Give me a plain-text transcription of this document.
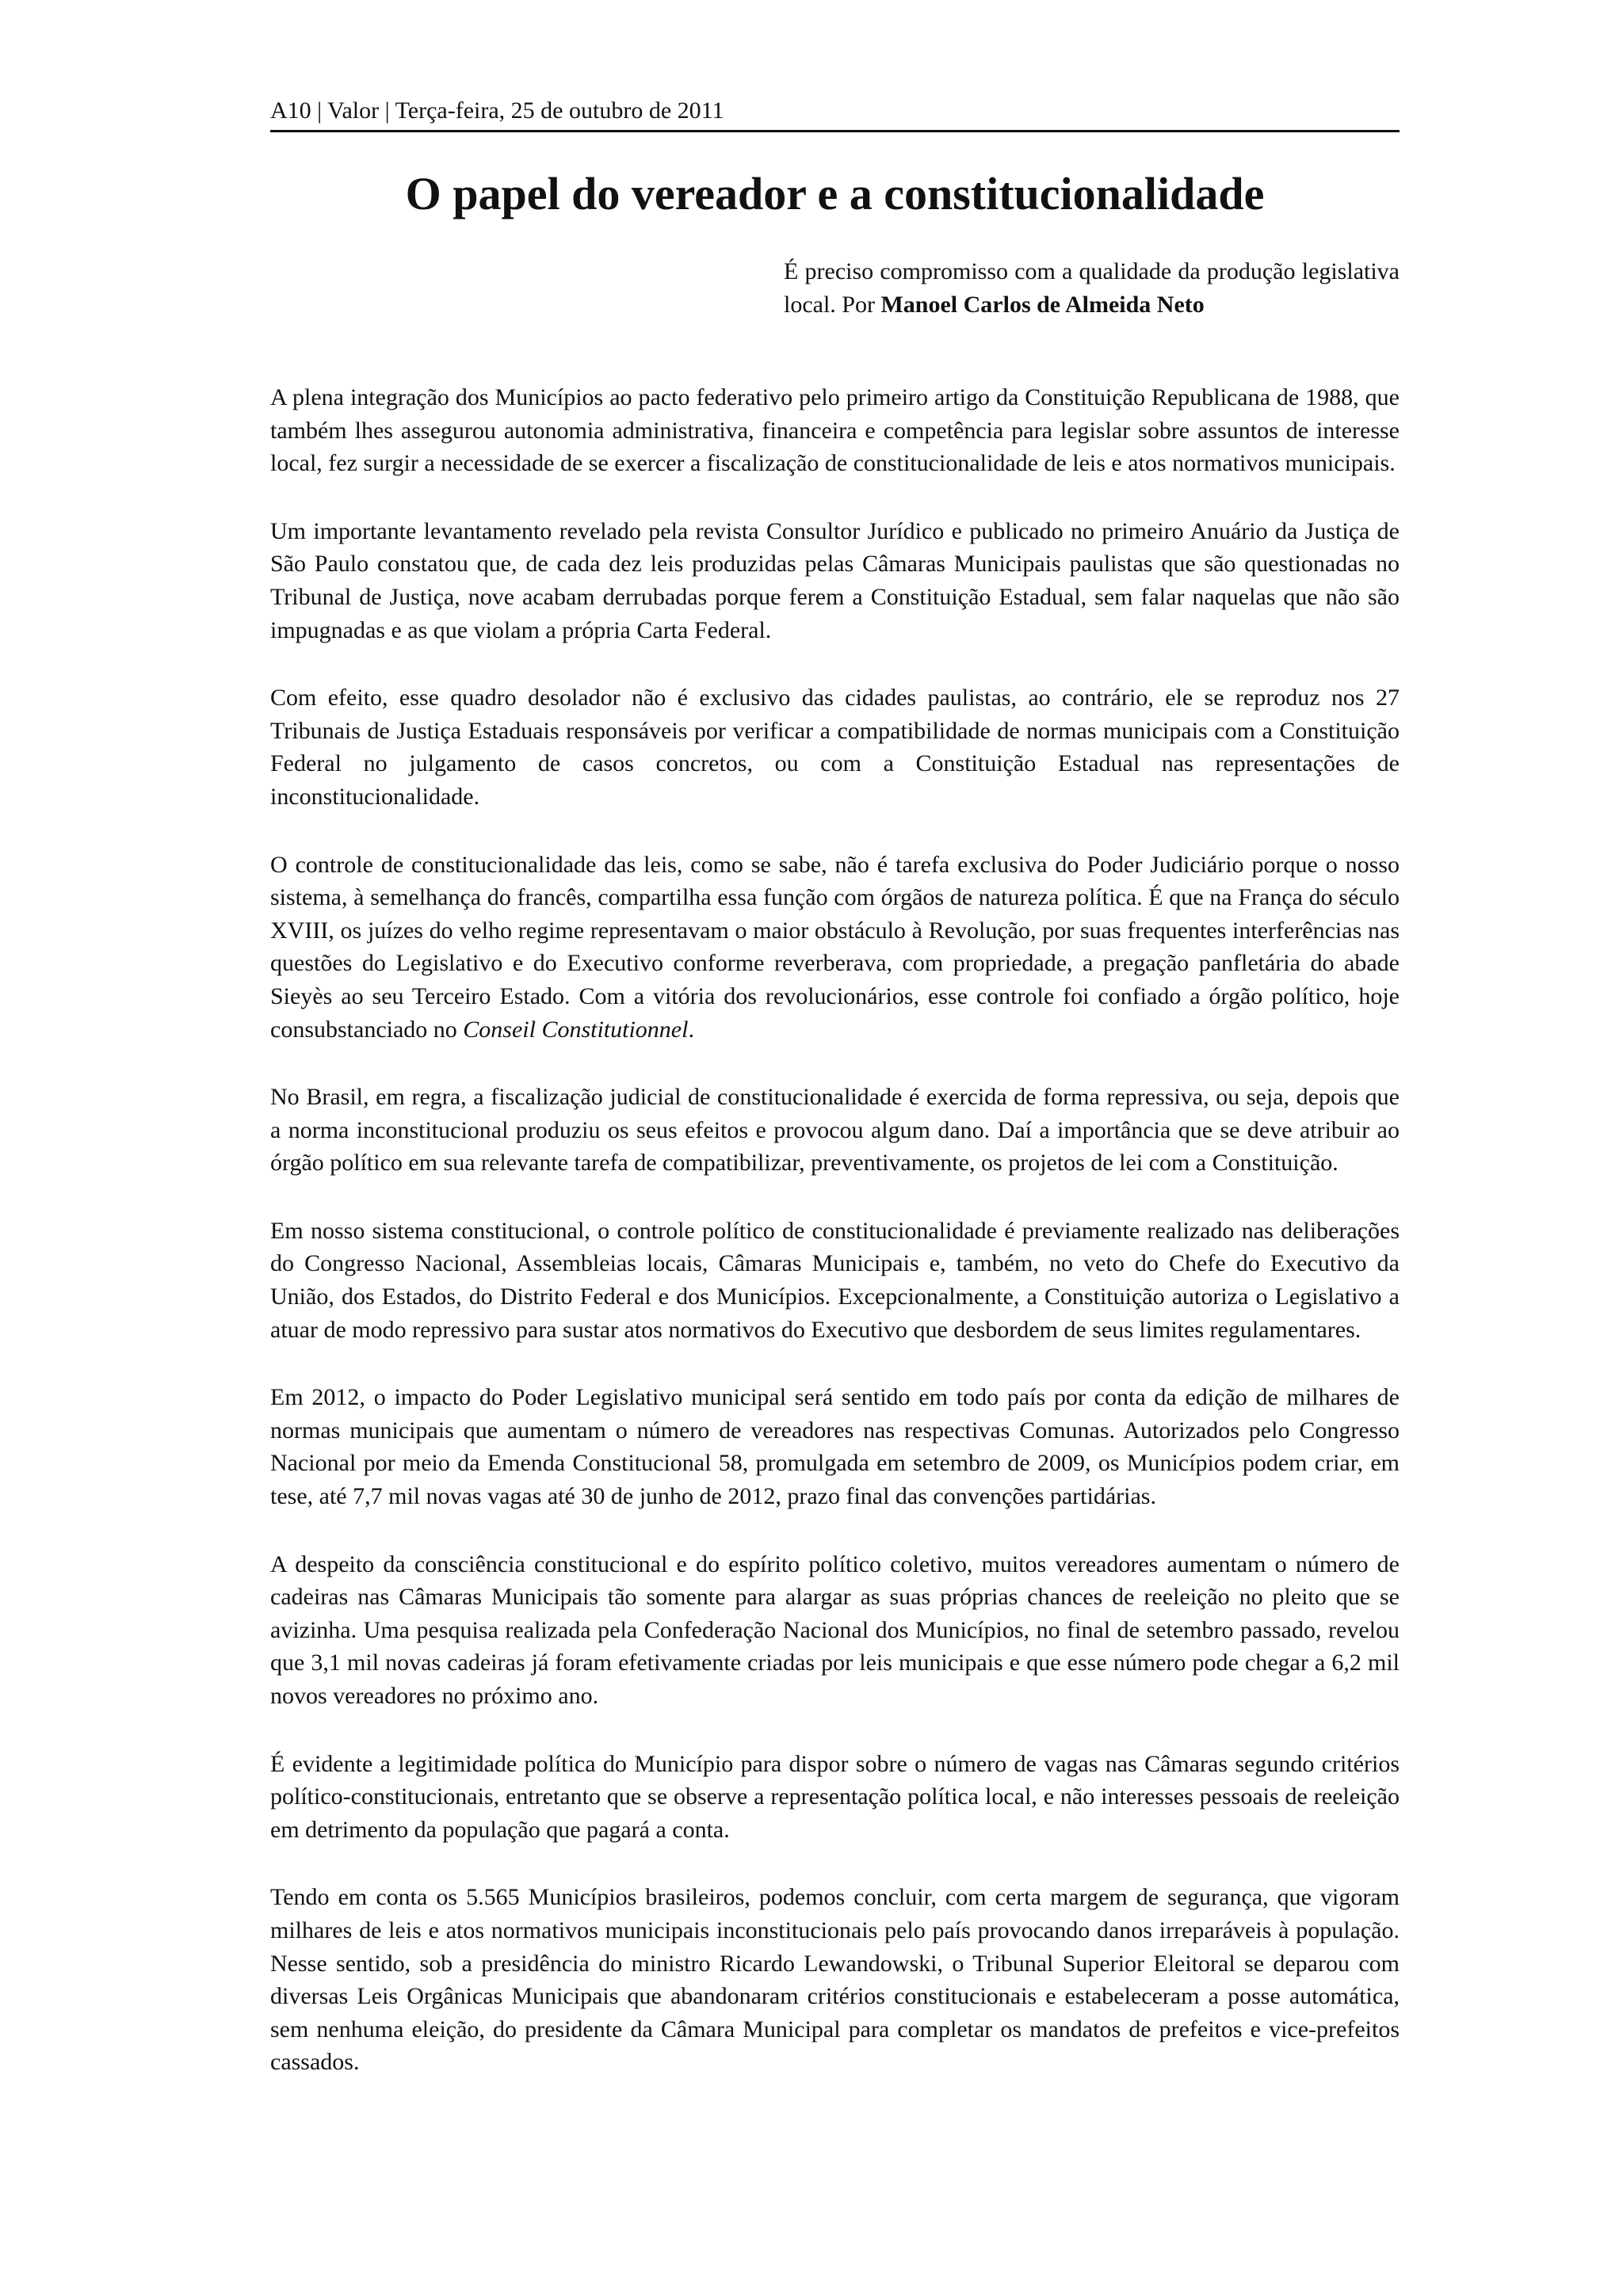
A10 | Valor | Terça-feira, 25 de outubro de 2011
O papel do vereador e a constitucionalidade
É preciso compromisso com a qualidade da produção legislativa local. Por Manoel Carlos de Almeida Neto

A plena integração dos Municípios ao pacto federativo pelo primeiro artigo da Constituição Republicana de 1988, que também lhes assegurou autonomia administrativa, financeira e competência para legislar sobre assuntos de interesse local, fez surgir a necessidade de se exercer a fiscalização de constitucionalidade de leis e atos normativos municipais.

Um importante levantamento revelado pela revista Consultor Jurídico e publicado no primeiro Anuário da Justiça de São Paulo constatou que, de cada dez leis produzidas pelas Câmaras Municipais paulistas que são questionadas no Tribunal de Justiça, nove acabam derrubadas porque ferem a Constituição Estadual, sem falar naquelas que não são impugnadas e as que violam a própria Carta Federal.

Com efeito, esse quadro desolador não é exclusivo das cidades paulistas, ao contrário, ele se reproduz nos 27 Tribunais de Justiça Estaduais responsáveis por verificar a compatibilidade de normas municipais com a Constituição Federal no julgamento de casos concretos, ou com a Constituição Estadual nas representações de inconstitucionalidade.

O controle de constitucionalidade das leis, como se sabe, não é tarefa exclusiva do Poder Judiciário porque o nosso sistema, à semelhança do francês, compartilha essa função com órgãos de natureza política. É que na França do século XVIII, os juízes do velho regime representavam o maior obstáculo à Revolução, por suas frequentes interferências nas questões do Legislativo e do Executivo conforme reverberava, com propriedade, a pregação panfletária do abade Sieyès ao seu Terceiro Estado. Com a vitória dos revolucionários, esse controle foi confiado a órgão político, hoje consubstanciado no Conseil Constitutionnel.

No Brasil, em regra, a fiscalização judicial de constitucionalidade é exercida de forma repressiva, ou seja, depois que a norma inconstitucional produziu os seus efeitos e provocou algum dano. Daí a importância que se deve atribuir ao órgão político em sua relevante tarefa de compatibilizar, preventivamente, os projetos de lei com a Constituição.

Em nosso sistema constitucional, o controle político de constitucionalidade é previamente realizado nas deliberações do Congresso Nacional, Assembleias locais, Câmaras Municipais e, também, no veto do Chefe do Executivo da União, dos Estados, do Distrito Federal e dos Municípios. Excepcionalmente, a Constituição autoriza o Legislativo a atuar de modo repressivo para sustar atos normativos do Executivo que desbordem de seus limites regulamentares.

Em 2012, o impacto do Poder Legislativo municipal será sentido em todo país por conta da edição de milhares de normas municipais que aumentam o número de vereadores nas respectivas Comunas. Autorizados pelo Congresso Nacional por meio da Emenda Constitucional 58, promulgada em setembro de 2009, os Municípios podem criar, em tese, até 7,7 mil novas vagas até 30 de junho de 2012, prazo final das convenções partidárias.

A despeito da consciência constitucional e do espírito político coletivo, muitos vereadores aumentam o número de cadeiras nas Câmaras Municipais tão somente para alargar as suas próprias chances de reeleição no pleito que se avizinha. Uma pesquisa realizada pela Confederação Nacional dos Municípios, no final de setembro passado, revelou que 3,1 mil novas cadeiras já foram efetivamente criadas por leis municipais e que esse número pode chegar a 6,2 mil novos vereadores no próximo ano.

É evidente a legitimidade política do Município para dispor sobre o número de vagas nas Câmaras segundo critérios político-constitucionais, entretanto que se observe a representação política local, e não interesses pessoais de reeleição em detrimento da população que pagará a conta.

Tendo em conta os 5.565 Municípios brasileiros, podemos concluir, com certa margem de segurança, que vigoram milhares de leis e atos normativos municipais inconstitucionais pelo país provocando danos irreparáveis à população. Nesse sentido, sob a presidência do ministro Ricardo Lewandowski, o Tribunal Superior Eleitoral se deparou com diversas Leis Orgânicas Municipais que abandonaram critérios constitucionais e estabeleceram a posse automática, sem nenhuma eleição, do presidente da Câmara Municipal para completar os mandatos de prefeitos e vice-prefeitos cassados.
